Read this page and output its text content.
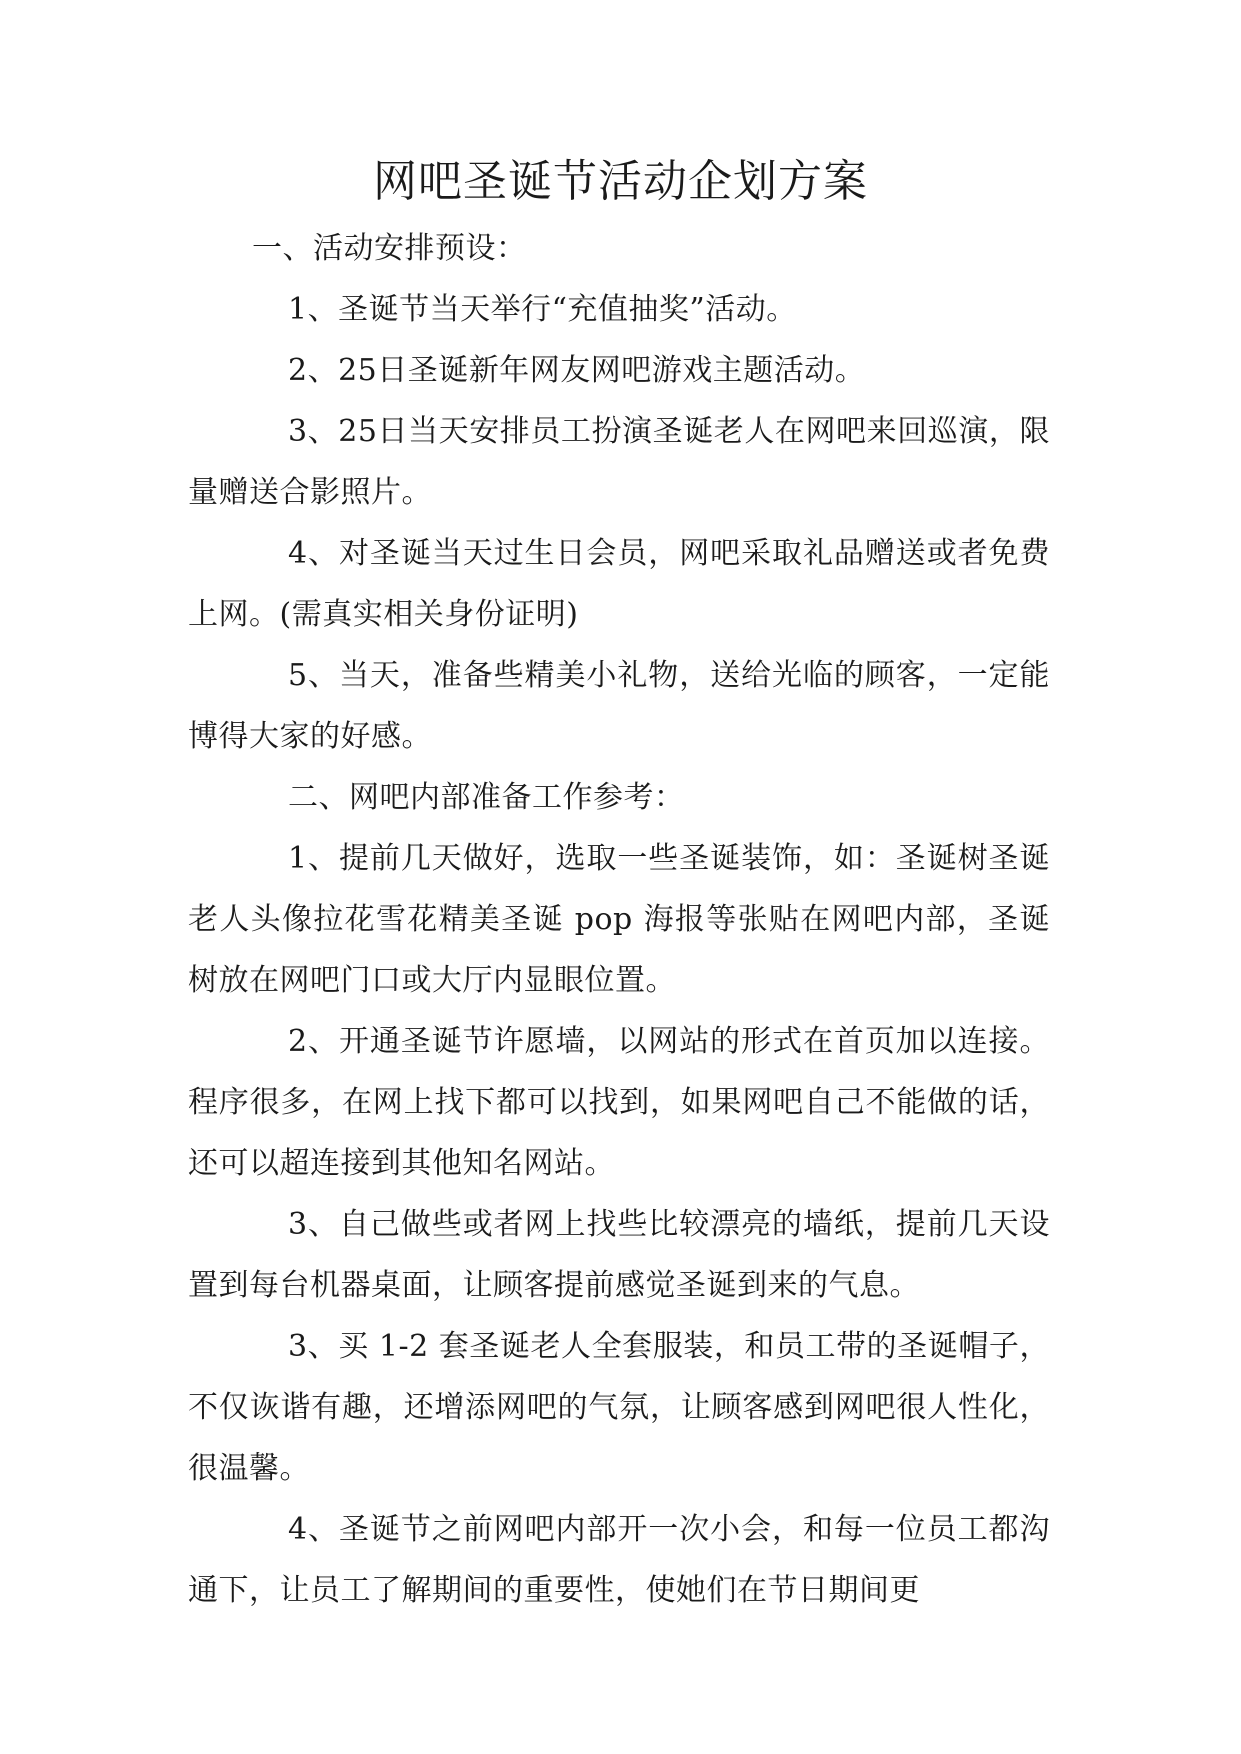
网吧圣诞节活动企划方案

一、活动安排预设：

1、圣诞节当天举行“充值抽奖”活动。

2、25日圣诞新年网友网吧游戏主题活动。

3、25日当天安排员工扮演圣诞老人在网吧来回巡演，限量赠送合影照片。

4、对圣诞当天过生日会员，网吧采取礼品赠送或者免费上网。(需真实相关身份证明)

5、当天，准备些精美小礼物，送给光临的顾客，一定能博得大家的好感。

二、网吧内部准备工作参考：

1、提前几天做好，选取一些圣诞装饰，如：圣诞树圣诞老人头像拉花雪花精美圣诞 pop 海报等张贴在网吧内部，圣诞树放在网吧门口或大厅内显眼位置。

2、开通圣诞节许愿墙，以网站的形式在首页加以连接。程序很多，在网上找下都可以找到，如果网吧自己不能做的话，还可以超连接到其他知名网站。

3、自己做些或者网上找些比较漂亮的墙纸，提前几天设置到每台机器桌面，让顾客提前感觉圣诞到来的气息。

3、买 1-2 套圣诞老人全套服装，和员工带的圣诞帽子，不仅诙谐有趣，还增添网吧的气氛，让顾客感到网吧很人性化，很温馨。

4、圣诞节之前网吧内部开一次小会，和每一位员工都沟通下，让员工了解期间的重要性，使她们在节日期间更
